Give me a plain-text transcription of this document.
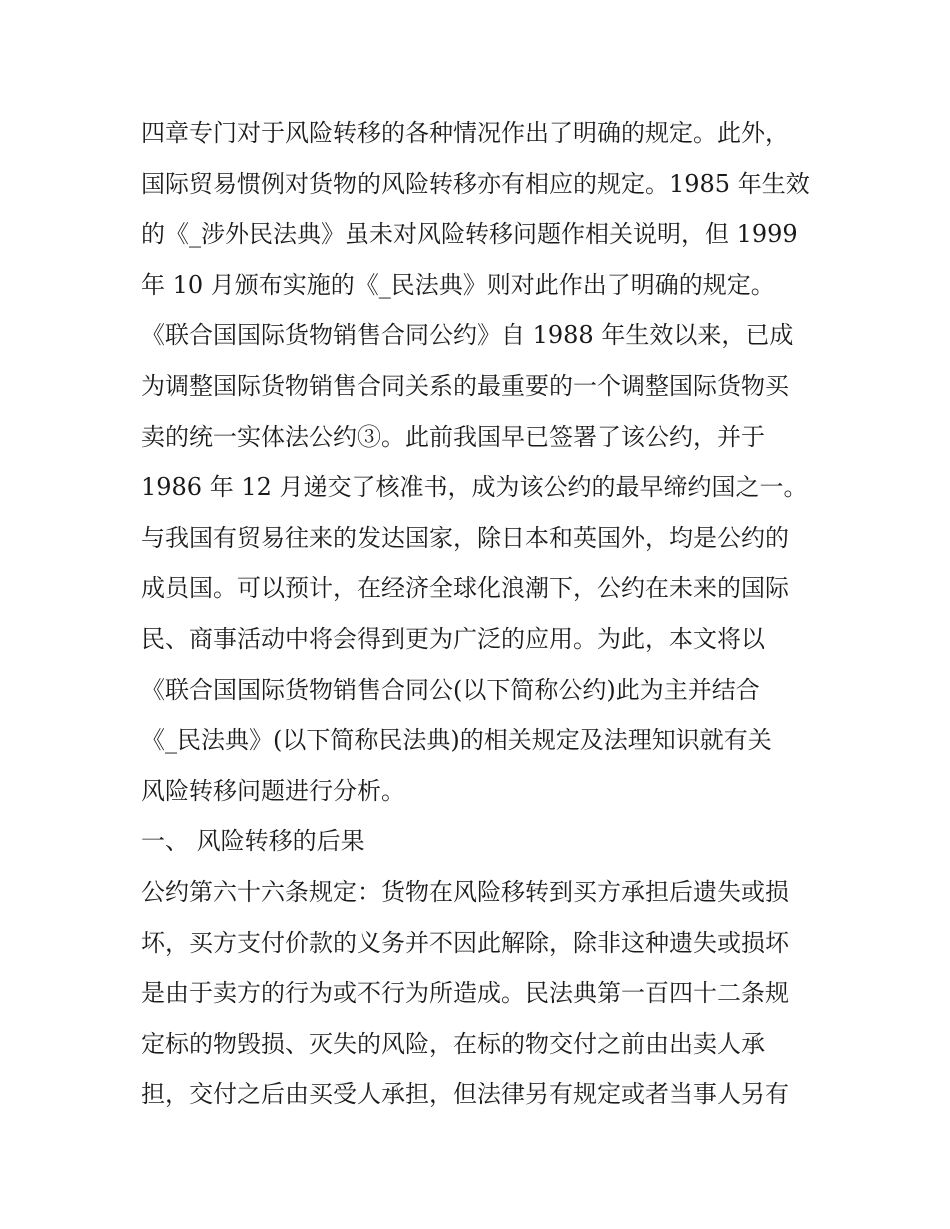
四章专门对于风险转移的各种情况作出了明确的规定。此外，
国际贸易惯例对货物的风险转移亦有相应的规定。1985 年生效
的《_涉外民法典》虽未对风险转移问题作相关说明，但 1999
年 10 月颁布实施的《_民法典》则对此作出了明确的规定。
《联合国国际货物销售合同公约》自 1988 年生效以来，已成
为调整国际货物销售合同关系的最重要的一个调整国际货物买
卖的统一实体法公约③。此前我国早已签署了该公约，并于
1986 年 12 月递交了核准书，成为该公约的最早缔约国之一。
与我国有贸易往来的发达国家，除日本和英国外，均是公约的
成员国。可以预计，在经济全球化浪潮下，公约在未来的国际
民、商事活动中将会得到更为广泛的应用。为此，本文将以
《联合国国际货物销售合同公(以下简称公约)此为主并结合
《_民法典》(以下简称民法典)的相关规定及法理知识就有关
风险转移问题进行分析。
一、 风险转移的后果
公约第六十六条规定：货物在风险移转到买方承担后遗失或损
坏，买方支付价款的义务并不因此解除，除非这种遗失或损坏
是由于卖方的行为或不行为所造成。民法典第一百四十二条规
定标的物毁损、灭失的风险，在标的物交付之前由出卖人承
担，交付之后由买受人承担，但法律另有规定或者当事人另有
